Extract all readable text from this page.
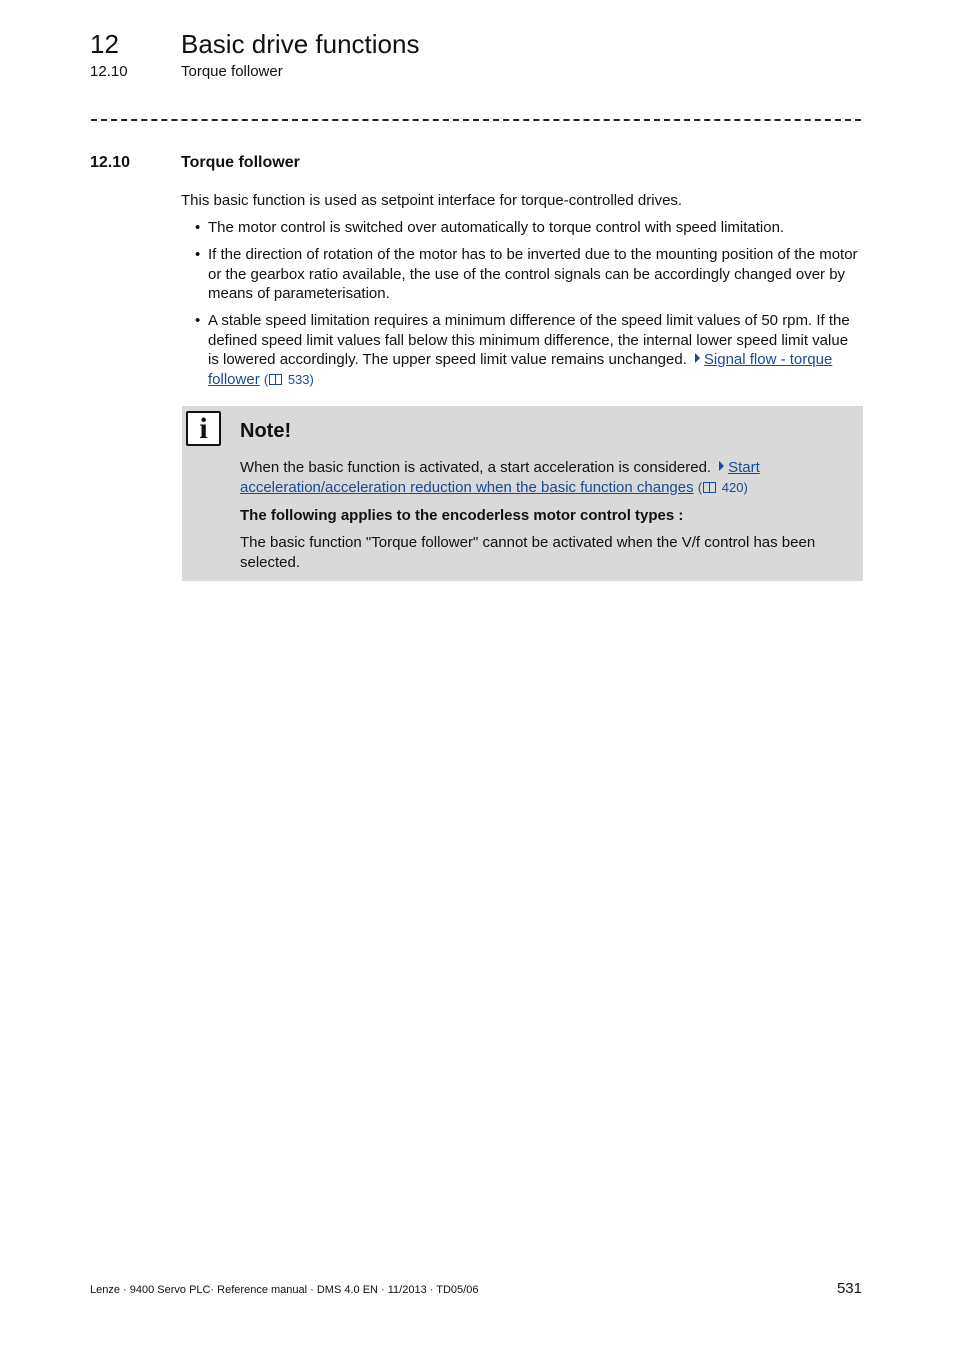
12 Basic drive functions
12.10	Torque follower
12.10	Torque follower
This basic function is used as setpoint interface for torque-controlled drives.
• The motor control is switched over automatically to torque control with speed limitation.
• If the direction of rotation of the motor has to be inverted due to the mounting position of the motor or the gearbox ratio available, the use of the control signals can be accordingly changed over by means of parameterisation.
• A stable speed limitation requires a minimum difference of the speed limit values of 50 rpm. If the defined speed limit values fall below this minimum difference, the internal lower speed limit value is lowered accordingly. The upper speed limit value remains unchanged. Signal flow - torque follower ( 533)
i	Note!
When the basic function is activated, a start acceleration is considered. Start acceleration/acceleration reduction when the basic function changes ( 420)
The following applies to the encoderless motor control types :
The basic function "Torque follower" cannot be activated when the V/f control has been selected.
Lenze · 9400 Servo PLC· Reference manual · DMS 4.0 EN · 11/2013 · TD05/06	531
